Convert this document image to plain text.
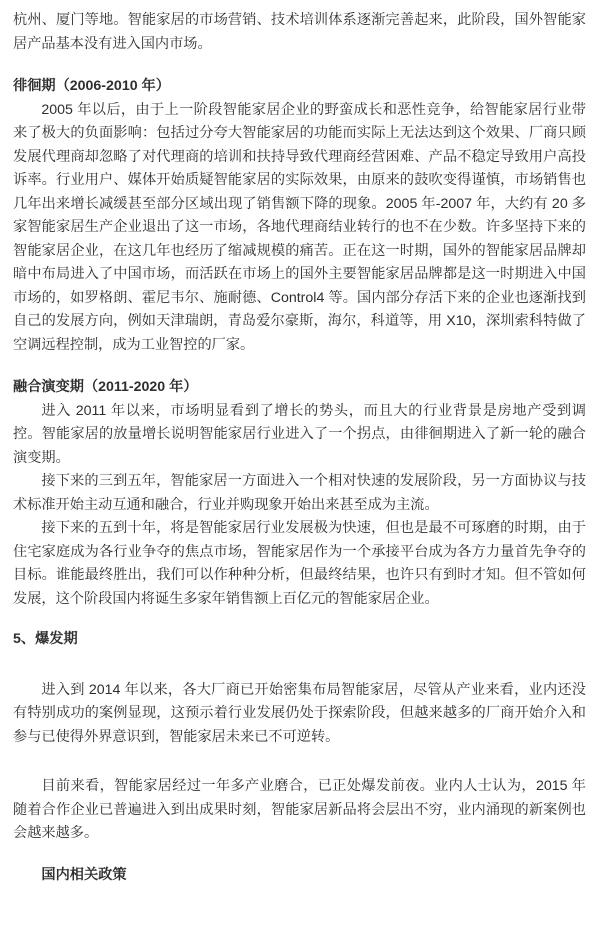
杭州、厦门等地。智能家居的市场营销、技术培训体系逐渐完善起来，此阶段，国外智能家居产品基本没有进入国内市场。

徘徊期（2006-2010 年）

2005 年以后，由于上一阶段智能家居企业的野蛮成长和恶性竞争，给智能家居行业带来了极大的负面影响：包括过分夸大智能家居的功能而实际上无法达到这个效果、厂商只顾发展代理商却忽略了对代理商的培训和扶持导致代理商经营困难、产品不稳定导致用户高投诉率。行业用户、媒体开始质疑智能家居的实际效果，由原来的鼓吹变得谨慎，市场销售也几年出来增长减缓甚至部分区域出现了销售额下降的现象。2005 年-2007 年，大约有 20 多家智能家居生产企业退出了这一市场，各地代理商结业转行的也不在少数。许多坚持下来的智能家居企业，在这几年也经历了缩减规模的痛苦。正在这一时期，国外的智能家居品牌却暗中布局进入了中国市场，而活跃在市场上的国外主要智能家居品牌都是这一时期进入中国市场的，如罗格朗、霍尼韦尔、施耐德、Control4 等。国内部分存活下来的企业也逐渐找到自己的发展方向，例如天津瑞朗，青岛爱尔豪斯，海尔，科道等，用 X10，深圳索科特做了空调远程控制，成为工业智控的厂家。

融合演变期（2011-2020 年）

进入 2011 年以来，市场明显看到了增长的势头，而且大的行业背景是房地产受到调控。智能家居的放量增长说明智能家居行业进入了一个拐点，由徘徊期进入了新一轮的融合演变期。

接下来的三到五年，智能家居一方面进入一个相对快速的发展阶段，另一方面协议与技术标准开始主动互通和融合，行业并购现象开始出来甚至成为主流。

接下来的五到十年，将是智能家居行业发展极为快速，但也是最不可琢磨的时期，由于住宅家庭成为各行业争夺的焦点市场，智能家居作为一个承接平台成为各方力量首先争夺的目标。谁能最终胜出，我们可以作种种分析，但最终结果，也许只有到时才知。但不管如何发展，这个阶段国内将诞生多家年销售额上百亿元的智能家居企业。

5、爆发期

进入到 2014 年以来，各大厂商已开始密集布局智能家居，尽管从产业来看，业内还没有特别成功的案例显现，这预示着行业发展仍处于探索阶段，但越来越多的厂商开始介入和参与已使得外界意识到，智能家居未来已不可逆转。

目前来看，智能家居经过一年多产业磨合，已正处爆发前夜。业内人士认为，2015 年随着合作企业已普遍进入到出成果时刻，智能家居新品将会层出不穷，业内涌现的新案例也会越来越多。

国内相关政策
